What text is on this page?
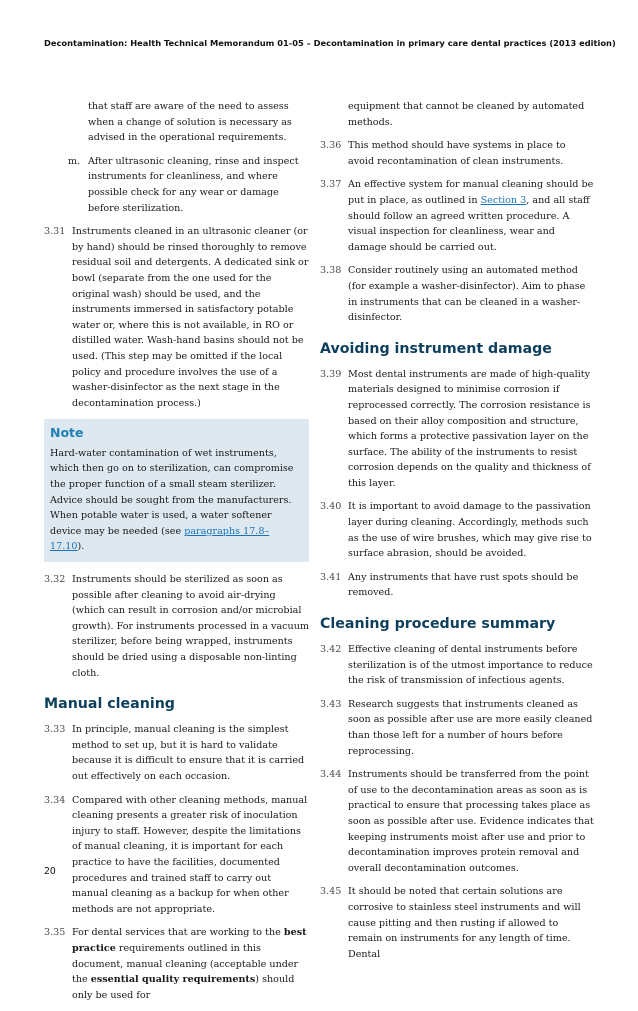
Decontamination: Health Technical Memorandum 01-05 – Decontamination in primary care dental practices (2013 edition)
that staff are aware of the need to assess when a change of solution is necessary as advised in the operational requirements.
m. After ultrasonic cleaning, rinse and inspect instruments for cleanliness, and where possible check for any wear or damage before sterilization.
3.31 Instruments cleaned in an ultrasonic cleaner (or by hand) should be rinsed thoroughly to remove residual soil and detergents. A dedicated sink or bowl (separate from the one used for the original wash) should be used, and the instruments immersed in satisfactory potable water or, where this is not available, in RO or distilled water. Wash-hand basins should not be used. (This step may be omitted if the local policy and procedure involves the use of a washer-disinfector as the next stage in the decontamination process.)
Note
Hard-water contamination of wet instruments, which then go on to sterilization, can compromise the proper function of a small steam sterilizer. Advice should be sought from the manufacturers. When potable water is used, a water softener device may be needed (see paragraphs 17.8–17.10).
3.32 Instruments should be sterilized as soon as possible after cleaning to avoid air-drying (which can result in corrosion and/or microbial growth). For instruments processed in a vacuum sterilizer, before being wrapped, instruments should be dried using a disposable non-linting cloth.
Manual cleaning
3.33 In principle, manual cleaning is the simplest method to set up, but it is hard to validate because it is difficult to ensure that it is carried out effectively on each occasion.
3.34 Compared with other cleaning methods, manual cleaning presents a greater risk of inoculation injury to staff. However, despite the limitations of manual cleaning, it is important for each practice to have the facilities, documented procedures and trained staff to carry out manual cleaning as a backup for when other methods are not appropriate.
3.35 For dental services that are working to the best practice requirements outlined in this document, manual cleaning (acceptable under the essential quality requirements) should only be used for
equipment that cannot be cleaned by automated methods.
3.36 This method should have systems in place to avoid recontamination of clean instruments.
3.37 An effective system for manual cleaning should be put in place, as outlined in Section 3, and all staff should follow an agreed written procedure. A visual inspection for cleanliness, wear and damage should be carried out.
3.38 Consider routinely using an automated method (for example a washer-disinfector). Aim to phase in instruments that can be cleaned in a washer-disinfector.
Avoiding instrument damage
3.39 Most dental instruments are made of high-quality materials designed to minimise corrosion if reprocessed correctly. The corrosion resistance is based on their alloy composition and structure, which forms a protective passivation layer on the surface. The ability of the instruments to resist corrosion depends on the quality and thickness of this layer.
3.40 It is important to avoid damage to the passivation layer during cleaning. Accordingly, methods such as the use of wire brushes, which may give rise to surface abrasion, should be avoided.
3.41 Any instruments that have rust spots should be removed.
Cleaning procedure summary
3.42 Effective cleaning of dental instruments before sterilization is of the utmost importance to reduce the risk of transmission of infectious agents.
3.43 Research suggests that instruments cleaned as soon as possible after use are more easily cleaned than those left for a number of hours before reprocessing.
3.44 Instruments should be transferred from the point of use to the decontamination areas as soon as is practical to ensure that processing takes place as soon as possible after use. Evidence indicates that keeping instruments moist after use and prior to decontamination improves protein removal and overall decontamination outcomes.
3.45 It should be noted that certain solutions are corrosive to stainless steel instruments and will cause pitting and then rusting if allowed to remain on instruments for any length of time. Dental
20
